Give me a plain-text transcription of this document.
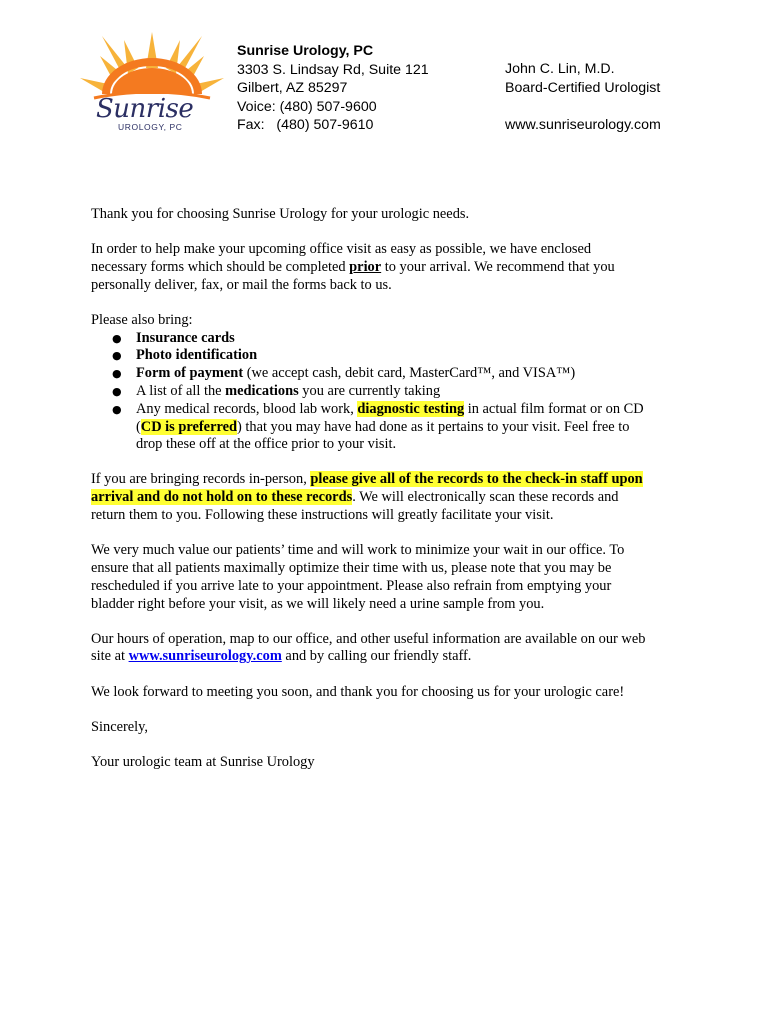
Sunrise
UROLOGY, PC
Sunrise Urology, PC
3303 S. Lindsay Rd, Suite 121
Gilbert, AZ 85297
Voice: (480) 507-9600
Fax:   (480) 507-9610
John C. Lin, M.D.
Board-Certified Urologist
www.sunriseurology.com

Thank you for choosing Sunrise Urology for your urologic needs.

In order to help make your upcoming office visit as easy as possible, we have enclosed necessary forms which should be completed prior to your arrival. We recommend that you personally deliver, fax, or mail the forms back to us.

Please also bring:

● Insurance cards
● Photo identification
● Form of payment (we accept cash, debit card, MasterCard™, and VISA™)
● A list of all the medications you are currently taking
● Any medical records, blood lab work, diagnostic testing in actual film format or on CD (CD is preferred) that you may have had done as it pertains to your visit. Feel free to drop these off at the office prior to your visit.

If you are bringing records in-person, please give all of the records to the check-in staff upon arrival and do not hold on to these records. We will electronically scan these records and return them to you. Following these instructions will greatly facilitate your visit.

We very much value our patients’ time and will work to minimize your wait in our office. To ensure that all patients maximally optimize their time with us, please note that you may be rescheduled if you arrive late to your appointment. Please also refrain from emptying your bladder right before your visit, as we will likely need a urine sample from you.

Our hours of operation, map to our office, and other useful information are available on our web site at www.sunriseurology.com and by calling our friendly staff.

We look forward to meeting you soon, and thank you for choosing us for your urologic care!

Sincerely,

Your urologic team at Sunrise Urology
